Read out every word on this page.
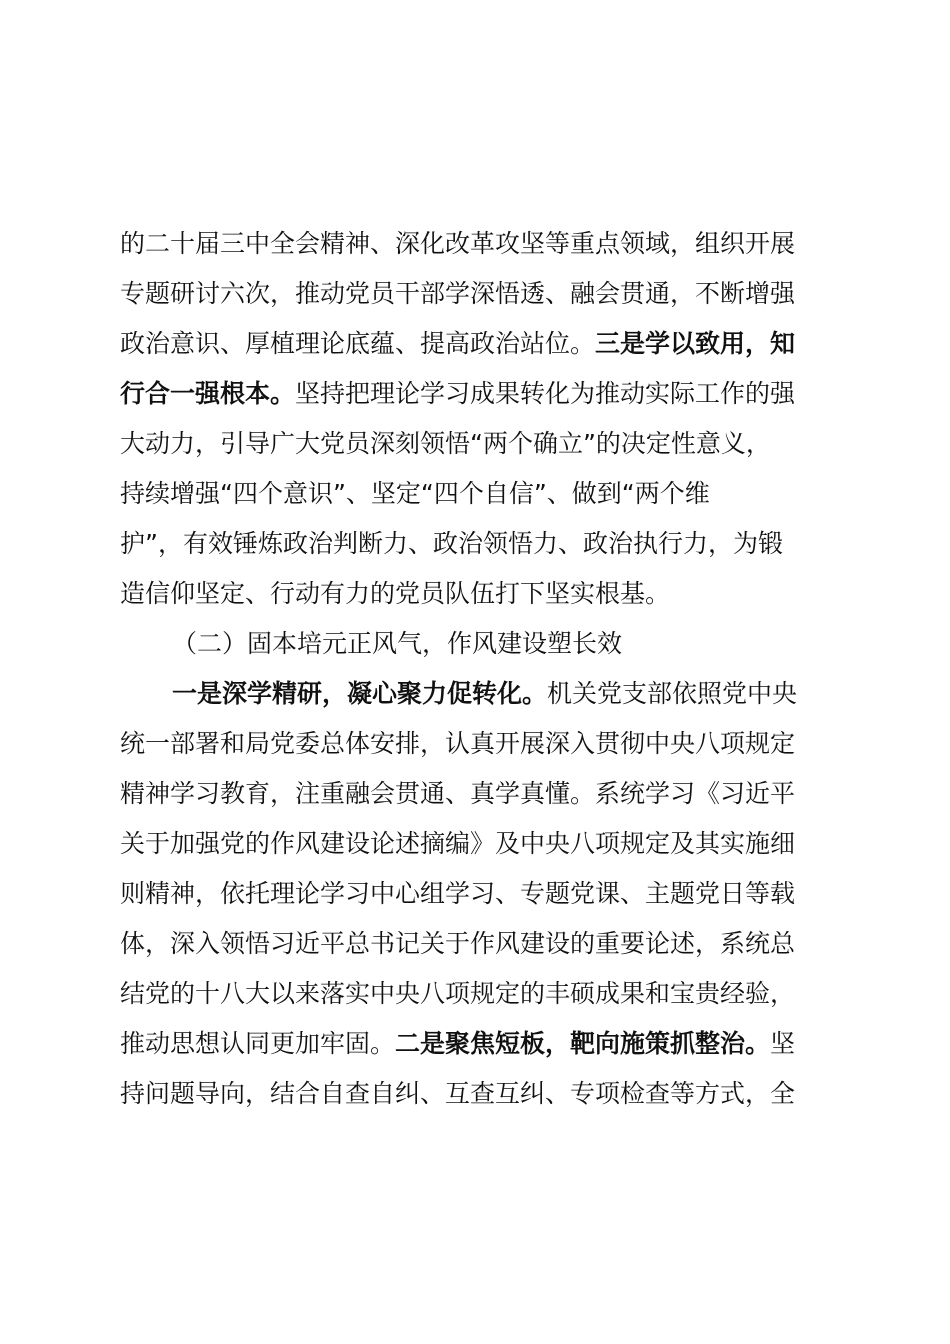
的二十届三中全会精神、深化改革攻坚等重点领域，组织开展
专题研讨六次，推动党员干部学深悟透、融会贯通，不断增强
政治意识、厚植理论底蕴、提高政治站位。三是学以致用，知
行合一强根本。坚持把理论学习成果转化为推动实际工作的强
大动力，引导广大党员深刻领悟“两个确立”的决定性意义，
持续增强“四个意识”、坚定“四个自信”、做到“两个维
护”，有效锤炼政治判断力、政治领悟力、政治执行力，为锻
造信仰坚定、行动有力的党员队伍打下坚实根基。
（二）固本培元正风气，作风建设塑长效
一是深学精研，凝心聚力促转化。机关党支部依照党中央
统一部署和局党委总体安排，认真开展深入贯彻中央八项规定
精神学习教育，注重融会贯通、真学真懂。系统学习《习近平
关于加强党的作风建设论述摘编》及中央八项规定及其实施细
则精神，依托理论学习中心组学习、专题党课、主题党日等载
体，深入领悟习近平总书记关于作风建设的重要论述，系统总
结党的十八大以来落实中央八项规定的丰硕成果和宝贵经验，
推动思想认同更加牢固。二是聚焦短板，靶向施策抓整治。坚
持问题导向，结合自查自纠、互查互纠、专项检查等方式，全
